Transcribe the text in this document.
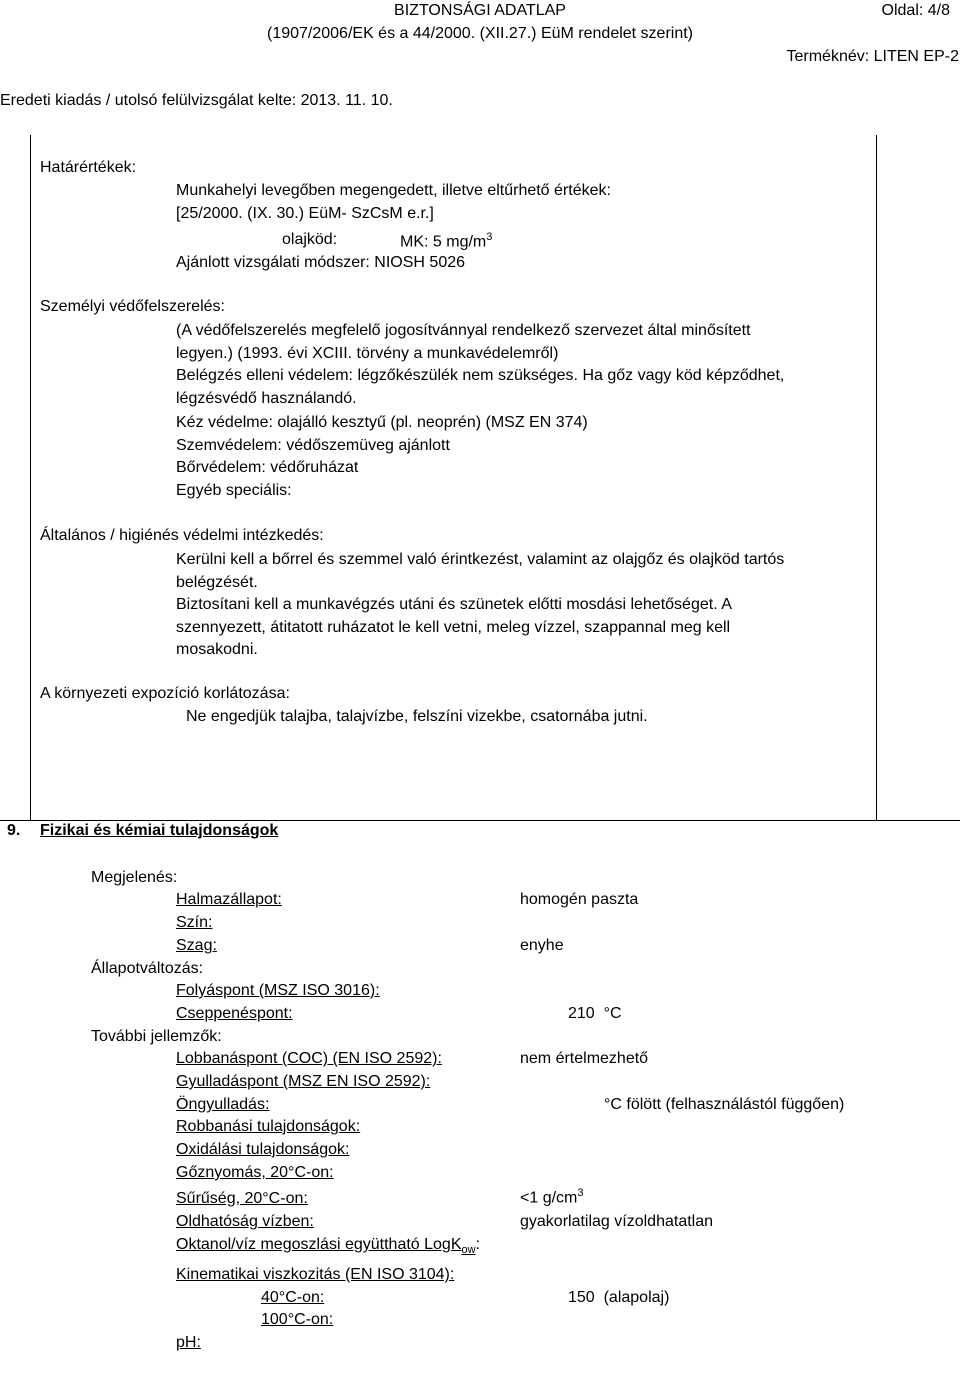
BIZTONSÁGI ADATLAP
(1907/2006/EK és a 44/2000. (XII.27.) EüM rendelet szerint)
Oldal: 4/8
Terméknév: LITEN EP-2
Eredeti kiadás / utolsó felülvizsgálat kelte: 2013. 11. 10.
Határértékek:
Munkahelyi levegőben megengedett, illetve eltűrhető értékek:
[25/2000. (IX. 30.) EüM- SzCsM e.r.]
olajköd:	MK: 5 $mg/m^3$
Ajánlott vizsgálati módszer: NIOSH 5026
Személyi védőfelszerelés:
(A védőfelszerelés megfelelő jogosítvánnyal rendelkező szervezet által minősített legyen.) (1993. évi XCIII. törvény a munkavédelemről)
Belégzés elleni védelem: légzőkészülék nem szükséges. Ha gőz vagy köd képződhet, légzésvédő használandó.
Kéz védelme: olajálló kesztyű (pl. neoprén) (MSZ EN 374)
Szemvédelem: védőszemüveg ajánlott
Bőrvédelem: védőruházat
Egyéb speciális:
Általános / higiénés védelmi intézkedés:
Kerülni kell a bőrrel és szemmel való érintkezést, valamint az olajgőz és olajköd tartós belégzését.
Biztosítani kell a munkavégzés utáni és szünetek előtti mosdási lehetőséget. A szennyezett, átitatott ruházatot le kell vetni, meleg vízzel, szappannal meg kell mosakodni.
A környezeti expozíció korlátozása:
Ne engedjük talajba, talajvízbe, felszíni vizekbe, csatornába jutni.
9. Fizikai és kémiai tulajdonságok
Megjelenés:
Halmazállapot:	homogén paszta
Szín:
Szag:	enyhe
Állapotváltozás:
Folyáspont (MSZ ISO 3016):
Cseppenéspont:	210  °C
További jellemzők:
Lobbanáspont (COC) (EN ISO 2592):	nem értelmezhető
Gyulladáspont (MSZ EN ISO 2592):
Öngyulladás:	°C fölött (felhasználástól függően)
Robbanási tulajdonságok:
Oxidálási tulajdonságok:
Gőznyomás, 20°C-on:
Sűrűség, 20°C-on:	<1 $g/cm^3$
Oldhatóság vízben:	gyakorlatilag vízoldhatatlan
Oktanol/víz megoszlási együttható LogK$_{ow}$:
Kinematikai viszkozitás (EN ISO 3104):
40°C-on:	150  (alapolaj)
100°C-on:
pH:
